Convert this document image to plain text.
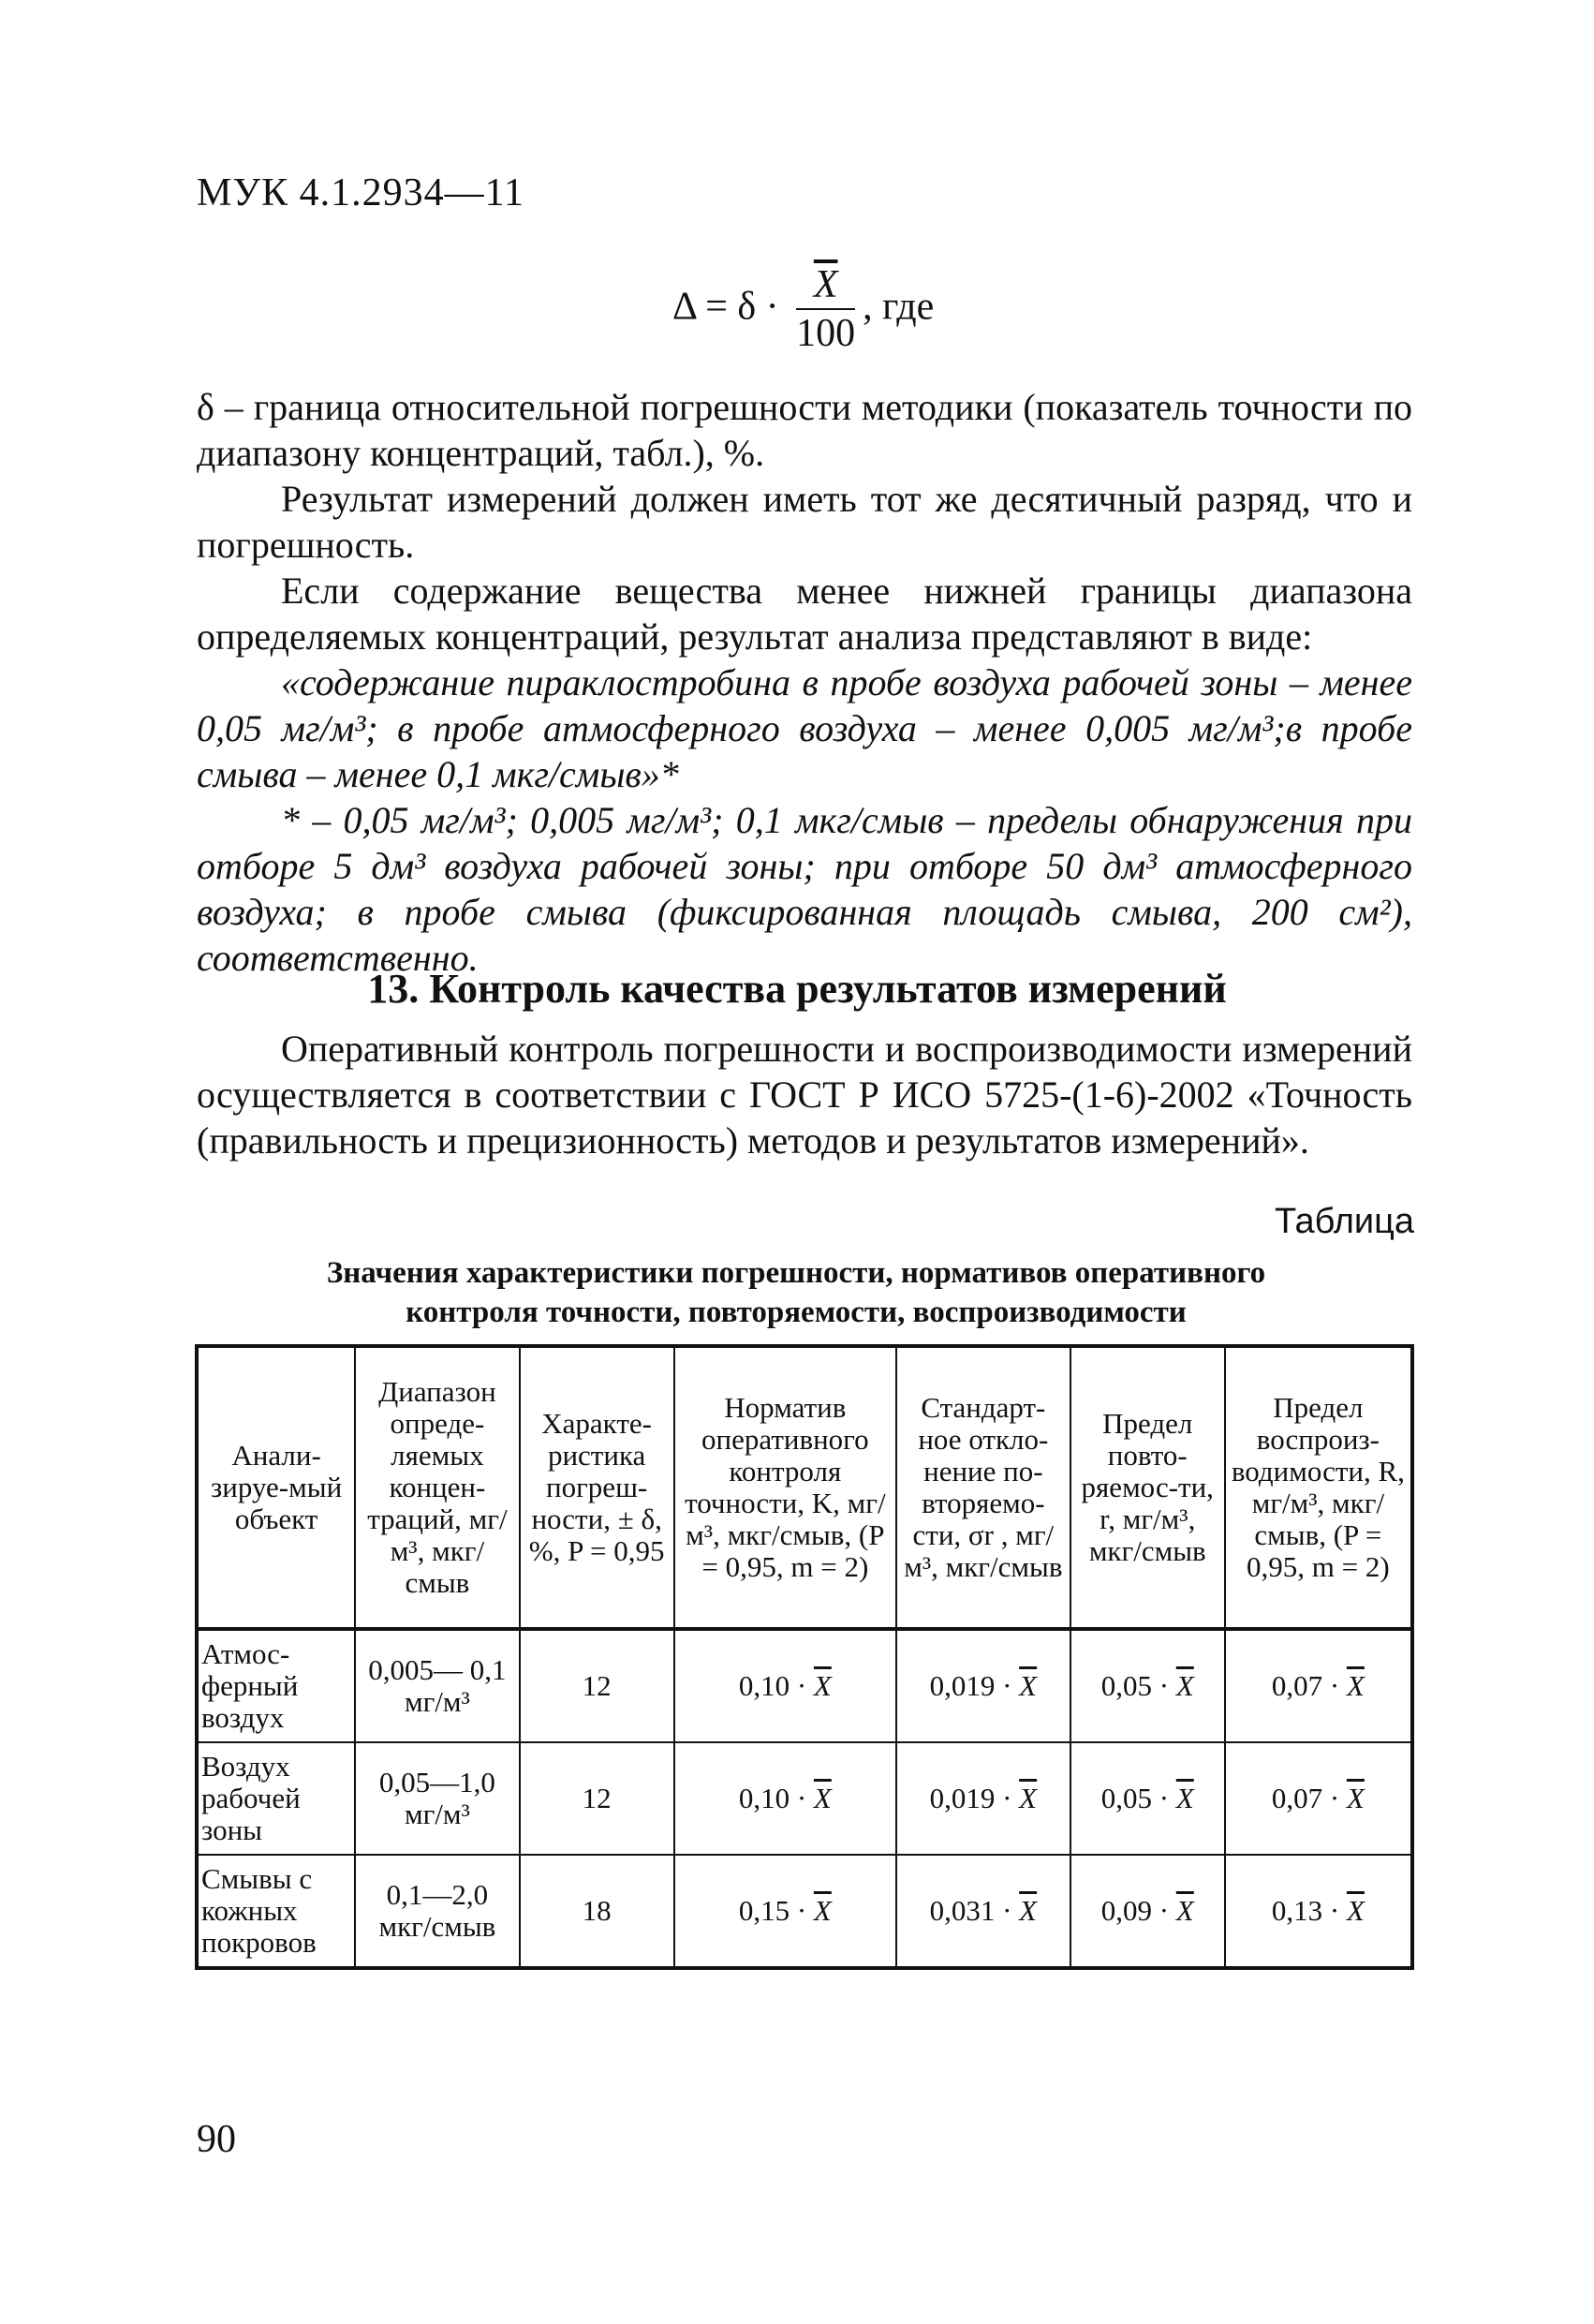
МУК 4.1.2934—11
$\Delta = \delta \cdot \frac{\overline{X}}{100}$ , где

δ – граница относительной погрешности методики (показатель точности по диапазону концентраций, табл.), %.

Результат измерений должен иметь тот же десятичный разряд, что и погрешность.

Если содержание вещества менее нижней границы диапазона определяемых концентраций, результат анализа представляют в виде:

«содержание пираклостробина в пробе воздуха рабочей зоны – менее 0,05 мг/м³; в пробе атмосферного воздуха – менее 0,005 мг/м³;в пробе смыва – менее 0,1 мкг/смыв»*

* – 0,05 мг/м³; 0,005 мг/м³; 0,1 мкг/смыв – пределы обнаружения при отборе 5 дм³ воздуха рабочей зоны; при отборе 50 дм³ атмосферного воздуха; в пробе смыва (фиксированная площадь смыва, 200 см²), соответственно.

13. Контроль качества результатов измерений

Оперативный контроль погрешности и воспроизводимости измерений осуществляется в соответствии с ГОСТ Р ИСО 5725-(1-6)-2002 «Точность (правильность и прецизионность) методов и результатов измерений».

Таблица
Значения характеристики погрешности, нормативов оперативного
контроля точности, повторяемости, воспроизводимости
Анали-зируе-мый объект	Диапазон опреде-ляемых концен-траций, мг/м³, мкг/смыв	Характе-ристика погреш-ности, ± δ, %, P = 0,95	Норматив оперативного контроля точности, K, мг/м³, мкг/смыв, (P = 0,95, m = 2)	Стандарт-ное откло-нение по-вторяемо-сти, σr , мг/м³, мкг/смыв	Предел повто-ряемос-ти, r, мг/м³, мкг/смыв	Предел воспроиз-водимости, R, мг/м³, мкг/смыв, (P = 0,95, m = 2)
Атмос-ферный воздух	0,005— 0,1 мг/м³	12	$0,10 \cdot \overline{X}$	$0,019 \cdot \overline{X}$	$0,05 \cdot \overline{X}$	$0,07 \cdot \overline{X}$
Воздух рабочей зоны	0,05—1,0 мг/м³	12	$0,10 \cdot \overline{X}$	$0,019 \cdot \overline{X}$	$0,05 \cdot \overline{X}$	$0,07 \cdot \overline{X}$
Смывы с кожных покровов	0,1—2,0 мкг/смыв	18	$0,15 \cdot \overline{X}$	$0,031 \cdot \overline{X}$	$0,09 \cdot \overline{X}$	$0,13 \cdot \overline{X}$
90
